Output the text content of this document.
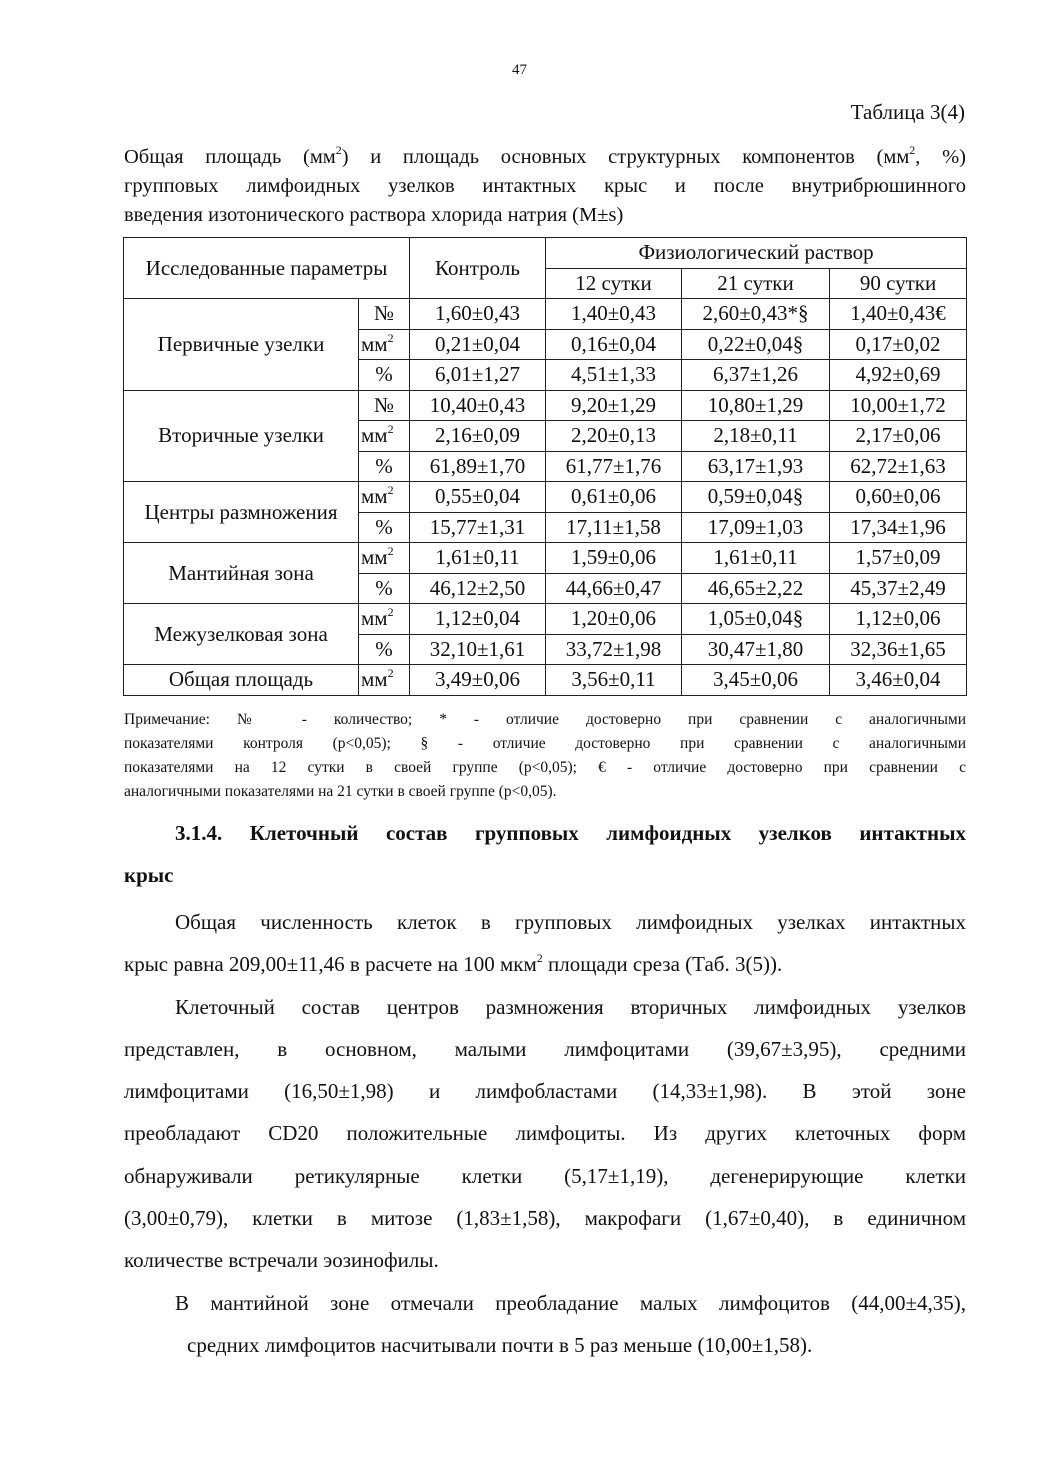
47
Таблица 3(4)

Общая площадь $(мм^2)$ и площадь основных структурных компонентов ($мм^2$, %)

групповых лимфоидных узелков интактных крыс и после внутрибрюшинного

введения изотонического раствора хлорида натрия (M±s)

Исследованные параметры		Контроль	Физиологический раствор		
			12 сутки	21 сутки	90 сутки
Первичные узелки	№	1,60±0,43	1,40±0,43	2,60±0,43*§	1,40±0,43€
	$мм^2$	0,21±0,04	0,16±0,04	0,22±0,04§	0,17±0,02
	%	6,01±1,27	4,51±1,33	6,37±1,26	4,92±0,69
Вторичные узелки	№	10,40±0,43	9,20±1,29	10,80±1,29	10,00±1,72
	$мм^2$	2,16±0,09	2,20±0,13	2,18±0,11	2,17±0,06
	%	61,89±1,70	61,77±1,76	63,17±1,93	62,72±1,63
Центры размножения	$мм^2$	0,55±0,04	0,61±0,06	0,59±0,04§	0,60±0,06
	%	15,77±1,31	17,11±1,58	17,09±1,03	17,34±1,96
Мантийная зона	$мм^2$	1,61±0,11	1,59±0,06	1,61±0,11	1,57±0,09
	%	46,12±2,50	44,66±0,47	46,65±2,22	45,37±2,49
Межузелковая зона	$мм^2$	1,12±0,04	1,20±0,06	1,05±0,04§	1,12±0,06
	%	32,10±1,61	33,72±1,98	30,47±1,80	32,36±1,65
Общая площадь	$мм^2$	3,49±0,06	3,56±0,11	3,45±0,06	3,46±0,04

Примечание: № - количество; * - отличие достоверно при сравнении с аналогичными

показателями контроля (p<0,05); § - отличие достоверно при сравнении с аналогичными

показателями на 12 сутки в своей группе (p<0,05); € - отличие достоверно при сравнении с

аналогичными показателями на 21 сутки в своей группе (p<0,05).

3.1.4. Клеточный состав групповых лимфоидных узелков интактных

крыс

Общая численность клеток в групповых лимфоидных узелках интактных

крыс равна 209,00±11,46 в расчете на 100 мкм$^2$ площади среза (Таб. 3(5)).

Клеточный состав центров размножения вторичных лимфоидных узелков

представлен, в основном, малыми лимфоцитами (39,67±3,95), средними

лимфоцитами (16,50±1,98) и лимфобластами (14,33±1,98). В этой зоне

преобладают CD20 положительные лимфоциты. Из других клеточных форм

обнаруживали ретикулярные клетки (5,17±1,19), дегенерирующие клетки

(3,00±0,79), клетки в митозе (1,83±1,58), макрофаги (1,67±0,40), в единичном

количестве встречали эозинофилы.

В мантийной зоне отмечали преобладание малых лимфоцитов (44,00±4,35),

средних лимфоцитов насчитывали почти в 5 раз меньше (10,00±1,58).
